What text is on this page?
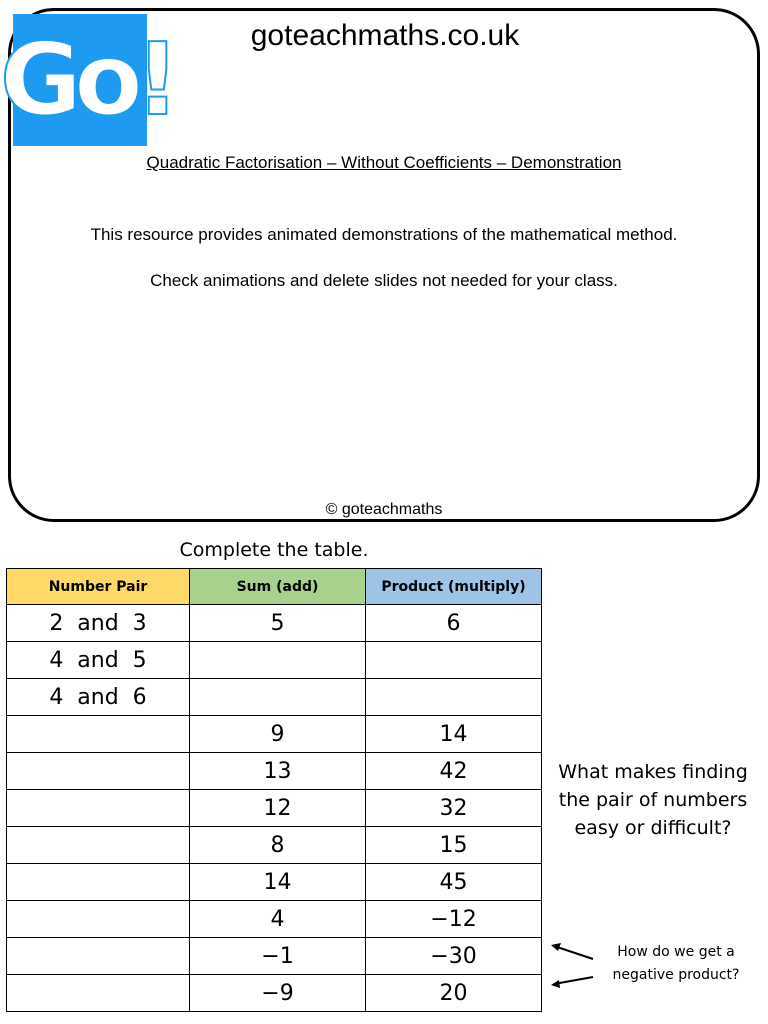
Go!	goteachmaths.co.uk
Quadratic Factorisation – Without Coefficients – Demonstration
This resource provides animated demonstrations of the mathematical method.
Check animations and delete slides not needed for your class.
© goteachmaths
Complete the table.
Number Pair	Sum (add)	Product (multiply)
2  and  3	5	6
4  and  5		
4  and  6		
	9	14
	13	42
	12	32
	8	15
	14	45
	4	−12
	−1	−30
	−9	20
What makes finding the pair of numbers easy or difficult?
How do we get a negative product?
